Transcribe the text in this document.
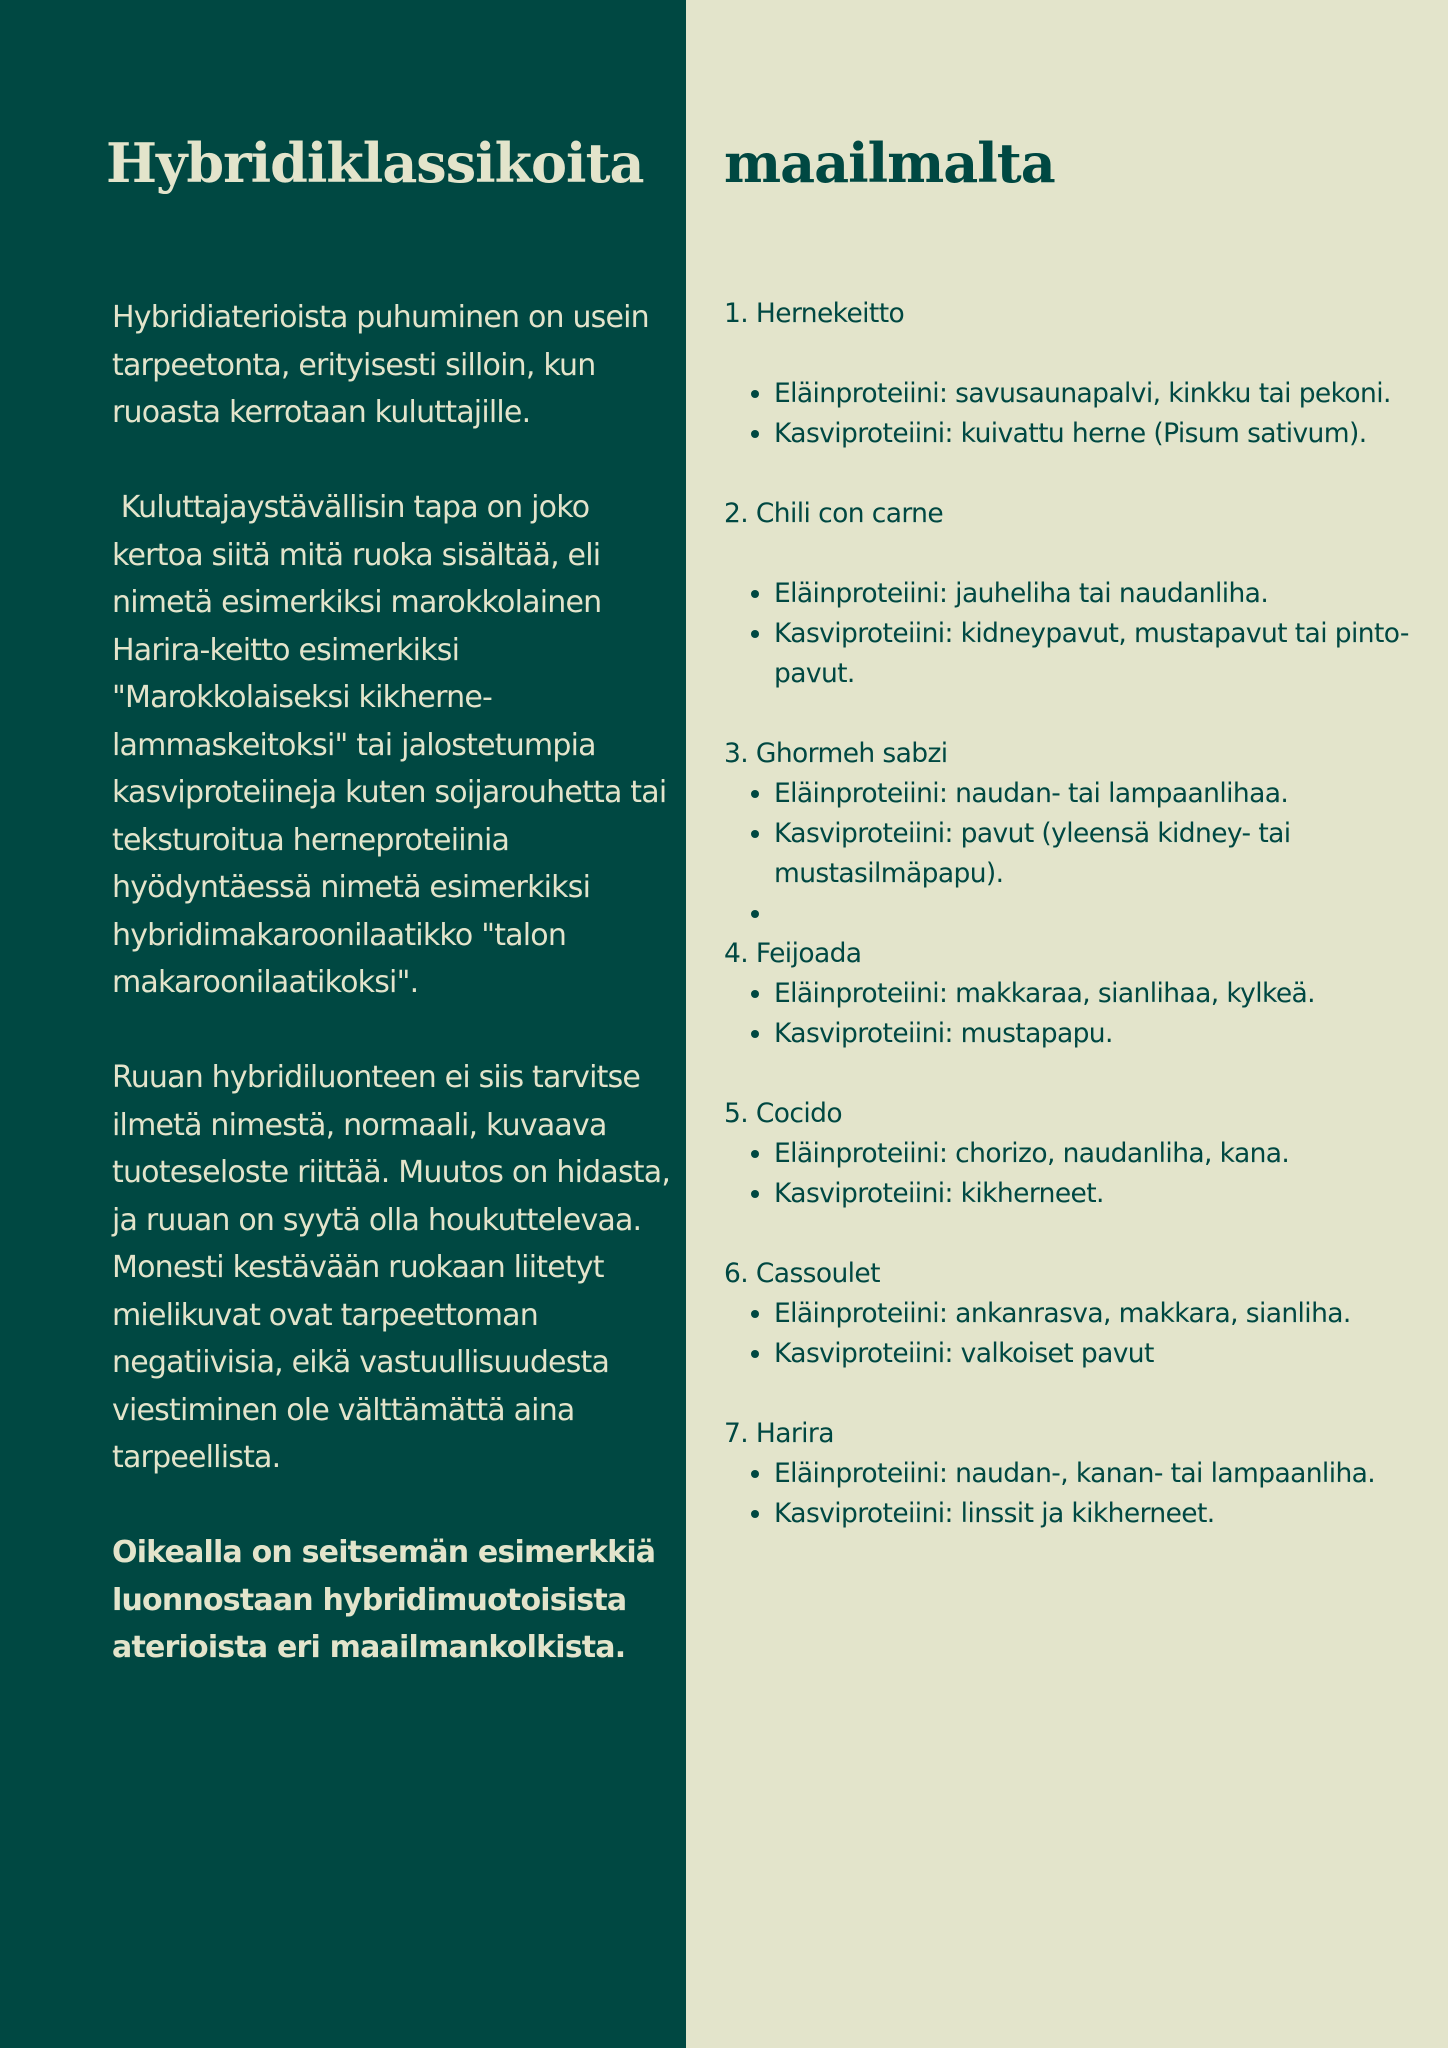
Hybridiklassikoita maailmalta

Hybridiaterioista puhuminen on usein tarpeetonta, erityisesti silloin, kun ruoasta kerrotaan kuluttajille.

Kuluttajaystävällisin tapa on joko kertoa siitä mitä ruoka sisältää, eli nimetä esimerkiksi marokkolainen Harira-keitto esimerkiksi "Marokkolaiseksi kikherne-lammaskeitoksi" tai jalostetumpia kasviproteiineja kuten soijarouhetta tai teksturoitua herneproteiinia hyödyntäessä nimetä esimerkiksi hybridimakaroonilaatikko "talon makaroonilaatikoksi".

Ruuan hybridiluonteen ei siis tarvitse ilmetä nimestä, normaali, kuvaava tuoteseloste riittää. Muutos on hidasta, ja ruuan on syytä olla houkuttelevaa. Monesti kestävään ruokaan liitetyt mielikuvat ovat tarpeettoman negatiivisia, eikä vastuullisuudesta viestiminen ole välttämättä aina tarpeellista.

Oikealla on seitsemän esimerkkiä luonnostaan hybridimuotoisista aterioista eri maailmankolkista.

1. Hernekeitto
• Eläinproteiini: savusaunapalvi, kinkku tai pekoni.
• Kasviproteiini: kuivattu herne (Pisum sativum).
2. Chili con carne
• Eläinproteiini: jauheliha tai naudanliha.
• Kasviproteiini: kidneypavut, mustapavut tai pinto-pavut.
3. Ghormeh sabzi
• Eläinproteiini: naudan- tai lampaanlihaa.
• Kasviproteiini: pavut (yleensä kidney- tai mustasilmäpapu).
•
4. Feijoada
• Eläinproteiini: makkaraa, sianlihaa, kylkeä.
• Kasviproteiini: mustapapu.
5. Cocido
• Eläinproteiini: chorizo, naudanliha, kana.
• Kasviproteiini: kikherneet.
6. Cassoulet
• Eläinproteiini: ankanrasva, makkara, sianliha.
• Kasviproteiini: valkoiset pavut
7. Harira
• Eläinproteiini: naudan-, kanan- tai lampaanliha.
• Kasviproteiini: linssit ja kikherneet.
